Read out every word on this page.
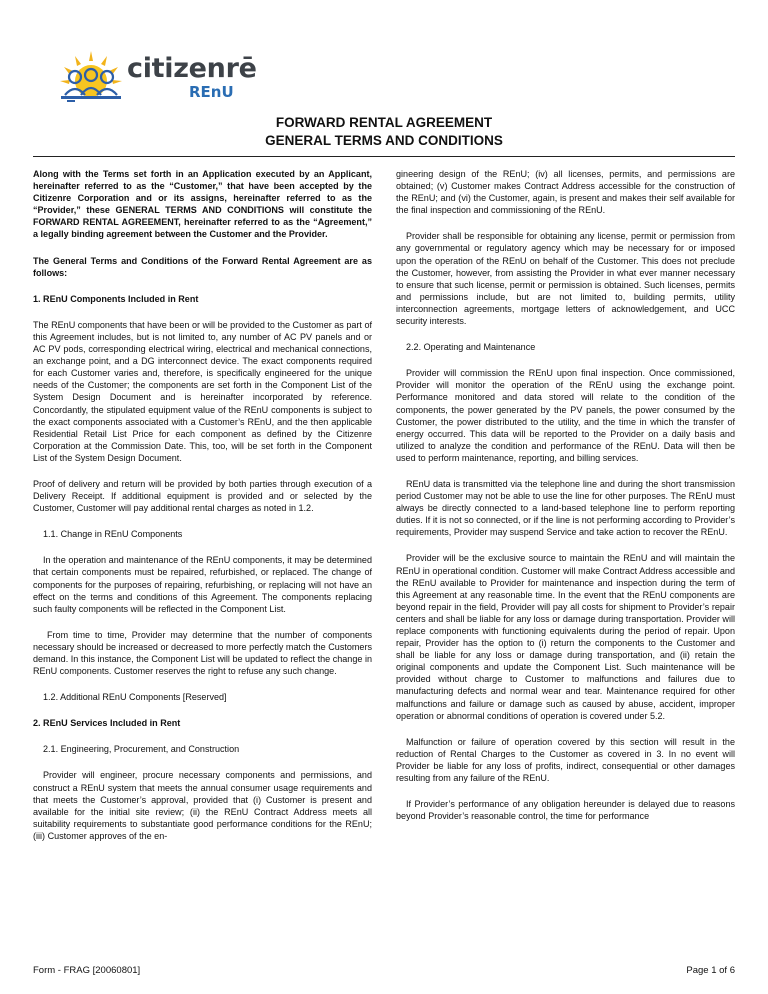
citizenrē
REnU
FORWARD RENTAL AGREEMENT
GENERAL TERMS AND CONDITIONS

Along with the Terms set forth in an Application executed by an Applicant, hereinafter referred to as the “Customer,” that have been accepted by the Citizenre Corporation and or its assigns, hereinafter referred to as the “Provider,” these GENERAL TERMS AND CONDITIONS will constitute the FORWARD RENTAL AGREEMENT, hereinafter referred to as the “Agreement,” a legally binding agreement between the Customer and the Provider.

The General Terms and Conditions of the Forward Rental Agreement are as follows:

1. REnU Components Included in Rent

The REnU components that have been or will be provided to the Customer as part of this Agreement includes, but is not limited to, any number of AC PV panels and or AC PV pods, corresponding electrical wiring, electrical and mechanical connections, an exchange point, and a DG interconnect device. The exact components required for each Customer varies and, therefore, is specifically engineered for the unique needs of the Customer; the components are set forth in the Component List of the System Design Document and is hereinafter incorporated by reference. Concordantly, the stipulated equipment value of the REnU components is subject to the exact components associated with a Customer’s REnU, and the then applicable Residential Retail List Price for each component as defined by the Citizenre Corporation at the Commission Date. This, too, will be set forth in the Component List of the System Design Document.

Proof of delivery and return will be provided by both parties through execution of a Delivery Receipt. If additional equipment is provided and or selected by the Customer, Customer will pay additional rental charges as noted in 1.2.

1.1. Change in REnU Components

In the operation and maintenance of the REnU components, it may be determined that certain components must be repaired, refurbished, or replaced. The change of components for the purposes of repairing, refurbishing, or replacing will not have an effect on the terms and conditions of this Agreement. The components replacing such faulty components will be reflected in the Component List.

From time to time, Provider may determine that the number of components necessary should be increased or decreased to more perfectly match the Customers demand. In this instance, the Component List will be updated to reflect the change in REnU components. Customer reserves the right to refuse any such change.

1.2. Additional REnU Components [Reserved]

2. REnU Services Included in Rent

2.1. Engineering, Procurement, and Construction

Provider will engineer, procure necessary components and permissions, and construct a REnU system that meets the annual consumer usage requirements and that meets the Customer’s approval, provided that (i) Customer is present and available for the initial site review; (ii) the REnU Contract Address meets all suitability requirements to substantiate good performance conditions for the REnU; (iii) Customer approves of the en-

gineering design of the REnU; (iv) all licenses, permits, and permissions are obtained; (v) Customer makes Contract Address accessible for the construction of the REnU; and (vi) the Customer, again, is present and makes their self available for the final inspection and commissioning of the REnU.

Provider shall be responsible for obtaining any license, permit or permission from any governmental or regulatory agency which may be necessary for or imposed upon the operation of the REnU on behalf of the Customer. This does not preclude the Customer, however, from assisting the Provider in what ever manner necessary to ensure that such license, permit or permission is obtained. Such licenses, permits and permissions include, but are not limited to, building permits, utility interconnection agreements, mortgage letters of acknowledgement, and UCC security interests.

2.2. Operating and Maintenance

Provider will commission the REnU upon final inspection. Once commissioned, Provider will monitor the operation of the REnU using the exchange point. Performance monitored and data stored will relate to the condition of the components, the power generated by the PV panels, the power consumed by the Customer, the power distributed to the utility, and the time in which the transfer of energy occurred. This data will be reported to the Provider on a daily basis and utilized to analyze the condition and performance of the REnU. Data will then be used to perform maintenance, reporting, and billing services.

REnU data is transmitted via the telephone line and during the short transmission period Customer may not be able to use the line for other purposes. The REnU must always be directly connected to a land-based telephone line to perform reporting duties. If it is not so connected, or if the line is not performing according to Provider’s requirements, Provider may suspend Service and take action to recover the REnU.

Provider will be the exclusive source to maintain the REnU and will maintain the REnU in operational condition. Customer will make Contract Address accessible and the REnU available to Provider for maintenance and inspection during the term of this Agreement at any reasonable time. In the event that the REnU components are beyond repair in the field, Provider will pay all costs for shipment to Provider’s repair centers and shall be liable for any loss or damage during transportation. Provider will replace components with functioning equivalents during the period of repair. Upon repair, Provider has the option to (i) return the components to the Customer and shall be liable for any loss or damage during transportation, and (ii) retain the original components and update the Component List. Such maintenance will be provided without charge to Customer to malfunctions and failures due to manufacturing defects and normal wear and tear. Maintenance required for other malfunctions and failure or damage such as caused by abuse, accident, improper operation or abnormal conditions of operation is covered under 5.2.

Malfunction or failure of operation covered by this section will result in the reduction of Rental Charges to the Customer as covered in 3. In no event will Provider be liable for any loss of profits, indirect, consequential or other damages resulting from any failure of the REnU.

If Provider’s performance of any obligation hereunder is delayed due to reasons beyond Provider’s reasonable control, the time for performance

Form - FRAG [20060801]	Page 1 of 6
